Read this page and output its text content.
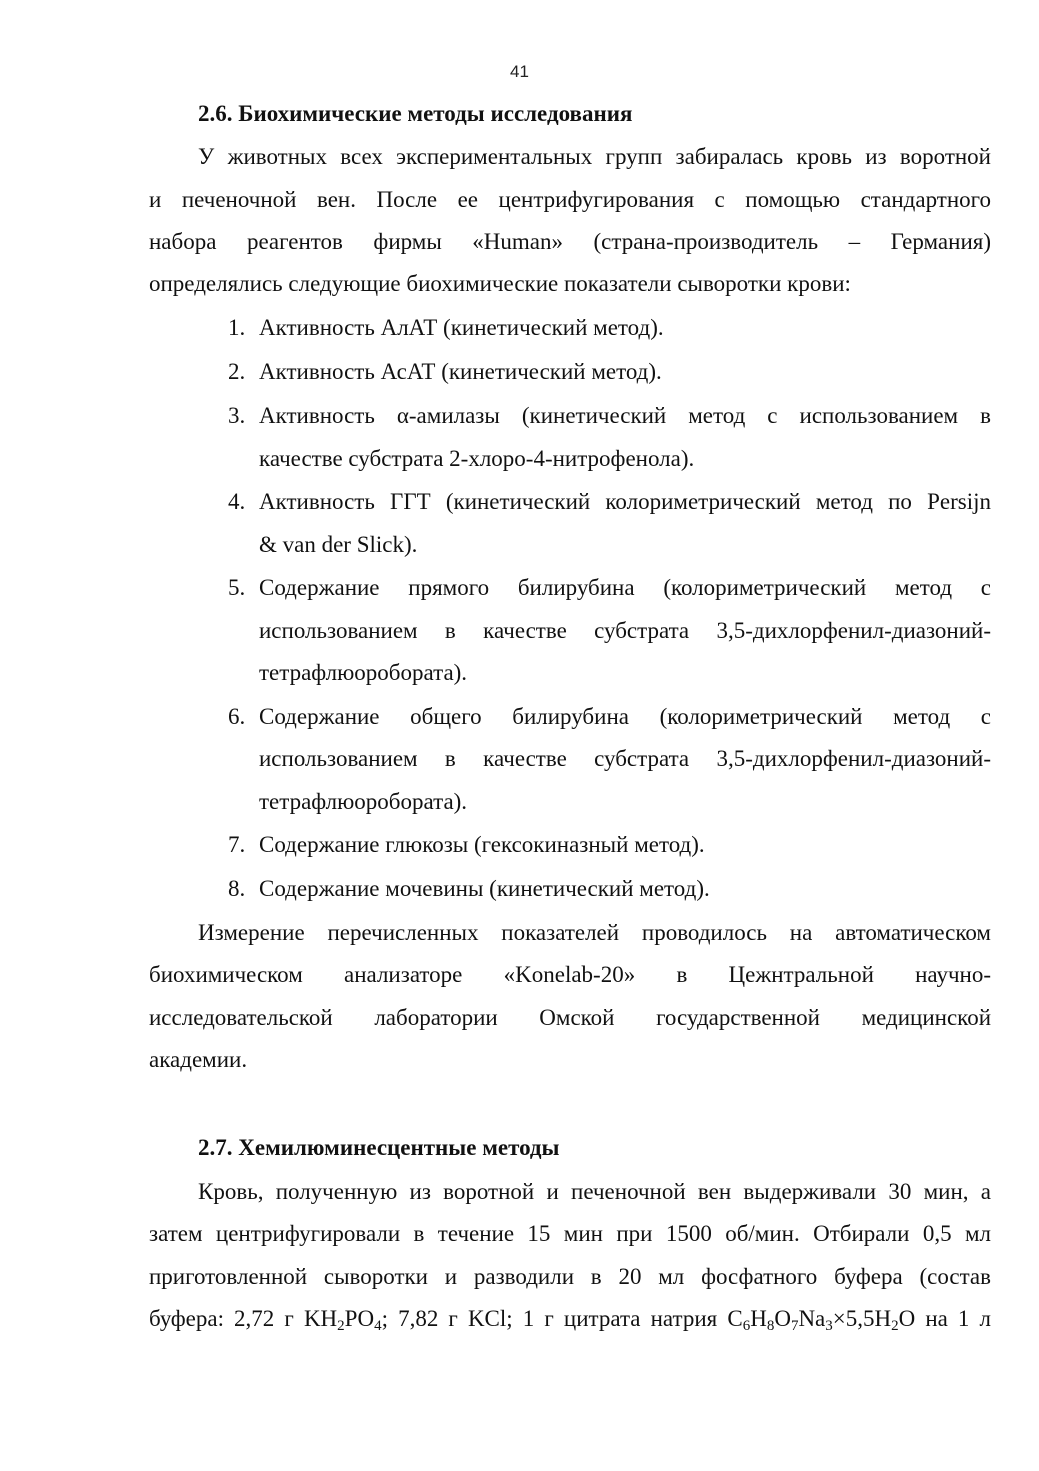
41
2.6. Биохимические методы исследования
У животных всех экспериментальных групп забиралась кровь из воротной
и печеночной вен. После ее центрифугирования с помощью стандартного
набора реагентов фирмы «Human» (страна-производитель – Германия)
определялись следующие биохимические показатели сыворотки крови:
1. Активность АлАТ (кинетический метод).
2. Активность АсАТ (кинетический метод).
3. Активность α-амилазы (кинетический метод с использованием в
качестве субстрата 2-хлоро-4-нитрофенола).
4. Активность ГГТ (кинетический колориметрический метод по Persijn
& van der Slick).
5. Содержание прямого билирубина (колориметрический метод с
использованием в качестве субстрата 3,5-дихлорфенил-диазоний-
тетрафлюоробората).
6. Содержание общего билирубина (колориметрический метод с
использованием в качестве субстрата 3,5-дихлорфенил-диазоний-
тетрафлюоробората).
7. Содержание глюкозы (гексокиназный метод).
8. Содержание мочевины (кинетический метод).
Измерение перечисленных показателей проводилось на автоматическом
биохимическом анализаторе «Konelab-20» в Цежнтральной научно-
исследовательской лаборатории Омской государственной медицинской
академии.
2.7. Хемилюминесцентные методы
Кровь, полученную из воротной и печеночной вен выдерживали 30 мин, а
затем центрифугировали в течение 15 мин при 1500 об/мин. Отбирали 0,5 мл
приготовленной сыворотки и разводили в 20 мл фосфатного буфера (состав
буфера: 2,72 г $KH_2PO_4$; 7,82 г KCl; 1 г цитрата натрия $C_6H_8O_7Na_3\times 5,5H_2O$ на 1 л
